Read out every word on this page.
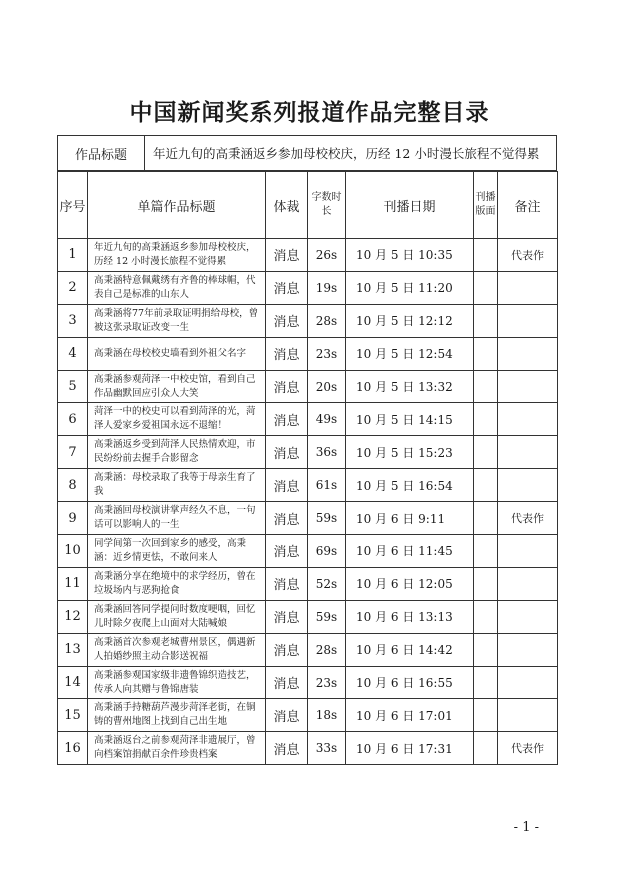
中国新闻奖系列报道作品完整目录
作品标题	年近九旬的高秉涵返乡参加母校校庆，历经 12 小时漫长旅程不觉得累
序号	单篇作品标题	体裁	字数时长	刊播日期	刊播版面	备注
1	年近九旬的高秉涵返乡参加母校校庆，历经 12 小时漫长旅程不觉得累	消息	26s	10 月 5 日 10:35		代表作
2	高秉涵特意佩戴绣有齐鲁的棒球帽，代表自己是标准的山东人	消息	19s	10 月 5 日 11:20		
3	高秉涵将77年前录取证明捐给母校，曾被这张录取证改变一生	消息	28s	10 月 5 日 12:12		
4	高秉涵在母校校史墙看到外祖父名字	消息	23s	10 月 5 日 12:54		
5	高秉涵参观菏泽一中校史馆，看到自己作品幽默回应引众人大笑	消息	20s	10 月 5 日 13:32		
6	菏泽一中的校史可以看到菏泽的光，菏泽人爱家乡爱祖国永远不退缩！	消息	49s	10 月 5 日 14:15		
7	高秉涵返乡受到菏泽人民热情欢迎，市民纷纷前去握手合影留念	消息	36s	10 月 5 日 15:23		
8	高秉涵：母校录取了我等于母亲生育了我	消息	61s	10 月 5 日 16:54		
9	高秉涵回母校演讲掌声经久不息，一句话可以影响人的一生	消息	59s	10 月 6 日 9:11		代表作
10	同学间第一次回到家乡的感受，高秉涵：近乡情更怯，不敢问来人	消息	69s	10 月 6 日 11:45		
11	高秉涵分享在绝境中的求学经历，曾在垃圾场内与恶狗抢食	消息	52s	10 月 6 日 12:05		
12	高秉涵回答同学提问时数度哽咽，回忆儿时除夕夜爬上山面对大陆喊娘	消息	59s	10 月 6 日 13:13		
13	高秉涵首次参观老城曹州景区，偶遇新人拍婚纱照主动合影送祝福	消息	28s	10 月 6 日 14:42		
14	高秉涵参观国家级非遗鲁锦织造技艺，传承人向其赠与鲁锦唐装	消息	23s	10 月 6 日 16:55		
15	高秉涵手持糖葫芦漫步菏泽老街，在铜铸的曹州地图上找到自己出生地	消息	18s	10 月 6 日 17:01		
16	高秉涵返台之前参观菏泽非遗展厅，曾向档案馆捐献百余件珍贵档案	消息	33s	10 月 6 日 17:31		代表作
- 1 -
